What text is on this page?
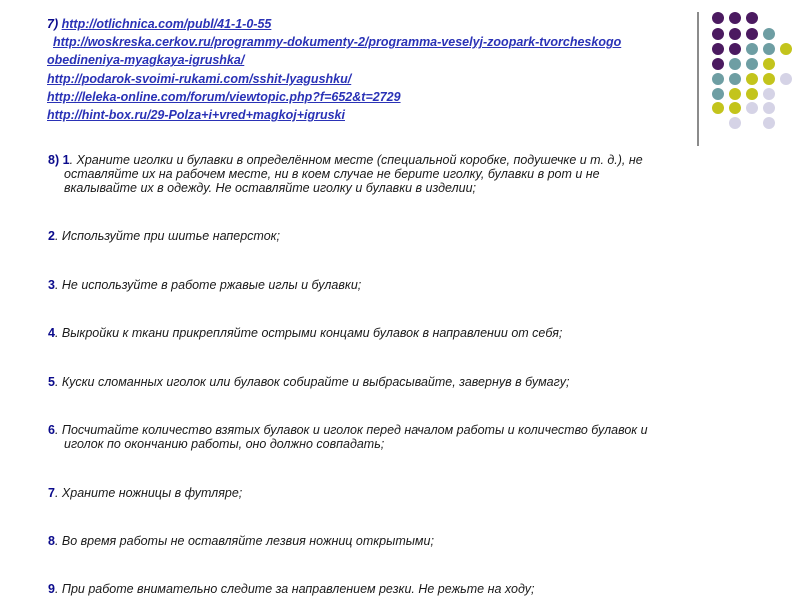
7) http://otlichnica.com/publ/41-1-0-55
http://woskreska.cerkov.ru/programmy-dokumenty-2/programma-veselyj-zoopark-tvorcheskogo
obedineniya-myagkaya-igrushka/
http://podarok-svoimi-rukami.com/sshit-lyagushku/
http://leleka-online.com/forum/viewtopic.php?f=652&t=2729
http://hint-box.ru/29-Polza+i+vred+magkoj+igruski
8) 1. Храните иголки и булавки в определённом месте (специальной коробке, подушечке и т. д.), не
оставляйте их на рабочем месте, ни в коем случае не берите иголку, булавки в рот и не
вкалывайте их в одежду. Не оставляйте иголку и булавки в изделии;
2. Используйте при шитье наперсток;
3. Не используйте в работе ржавые иглы и булавки;
4. Выкройки к ткани прикрепляйте острыми концами булавок в направлении от себя;
5. Куски сломанных иголок или булавок собирайте и выбрасывайте, завернув в бумагу;
6. Посчитайте количество взятых булавок и иголок перед началом работы и количество булавок и
иголок по окончанию работы, оно должно совпадать;
7. Храните ножницы в футляре;
8. Во время работы не оставляйте лезвия ножниц открытыми;
9. При работе внимательно следите за направлением резки. Не режьте на ходу;
